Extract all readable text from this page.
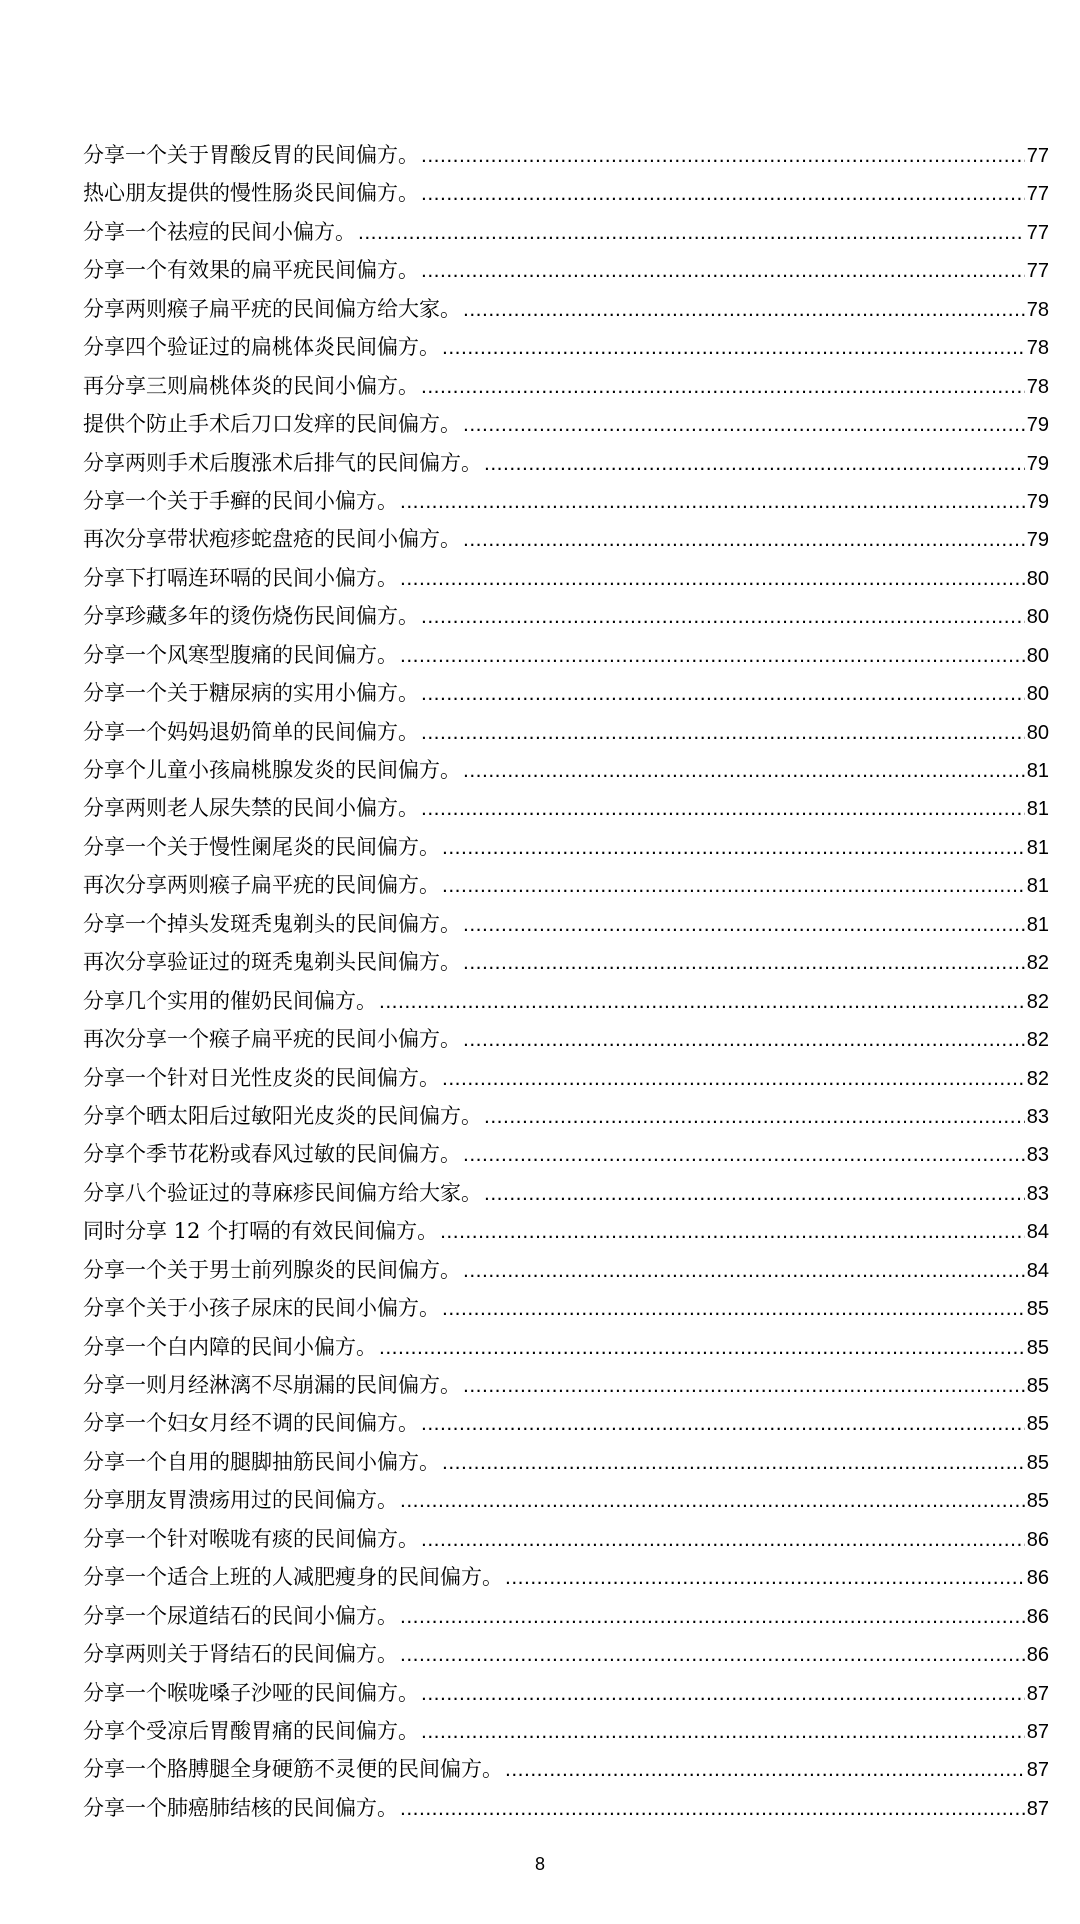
分享一个关于胃酸反胃的民间偏方。 .....	77
热心朋友提供的慢性肠炎民间偏方。 .....	77
分享一个祛痘的民间小偏方。 .....	77
分享一个有效果的扁平疣民间偏方。 .....	77
分享两则瘊子扁平疣的民间偏方给大家。 .....	78
分享四个验证过的扁桃体炎民间偏方。 .....	78
再分享三则扁桃体炎的民间小偏方。 .....	78
提供个防止手术后刀口发痒的民间偏方。 .....	79
分享两则手术后腹涨术后排气的民间偏方。 .....	79
分享一个关于手癣的民间小偏方。 .....	79
再次分享带状疱疹蛇盘疮的民间小偏方。 .....	79
分享下打嗝连环嗝的民间小偏方。 .....	80
分享珍藏多年的烫伤烧伤民间偏方。 .....	80
分享一个风寒型腹痛的民间偏方。 .....	80
分享一个关于糖尿病的实用小偏方。 .....	80
分享一个妈妈退奶简单的民间偏方。 .....	80
分享个儿童小孩扁桃腺发炎的民间偏方。 .....	81
分享两则老人尿失禁的民间小偏方。 .....	81
分享一个关于慢性阑尾炎的民间偏方。 .....	81
再次分享两则瘊子扁平疣的民间偏方。 .....	81
分享一个掉头发斑秃鬼剃头的民间偏方。 .....	81
再次分享验证过的斑秃鬼剃头民间偏方。 .....	82
分享几个实用的催奶民间偏方。 .....	82
再次分享一个瘊子扁平疣的民间小偏方。 .....	82
分享一个针对日光性皮炎的民间偏方。 .....	82
分享个晒太阳后过敏阳光皮炎的民间偏方。 .....	83
分享个季节花粉或春风过敏的民间偏方。 .....	83
分享八个验证过的荨麻疹民间偏方给大家。 .....	83
同时分享 12 个打嗝的有效民间偏方。 .....	84
分享一个关于男士前列腺炎的民间偏方。 .....	84
分享个关于小孩子尿床的民间小偏方。 .....	85
分享一个白内障的民间小偏方。 .....	85
分享一则月经淋漓不尽崩漏的民间偏方。 .....	85
分享一个妇女月经不调的民间偏方。 .....	85
分享一个自用的腿脚抽筋民间小偏方。 .....	85
分享朋友胃溃疡用过的民间偏方。 .....	85
分享一个针对喉咙有痰的民间偏方。 .....	86
分享一个适合上班的人减肥瘦身的民间偏方。 .....	86
分享一个尿道结石的民间小偏方。 .....	86
分享两则关于肾结石的民间偏方。 .....	86
分享一个喉咙嗓子沙哑的民间偏方。 .....	87
分享个受凉后胃酸胃痛的民间偏方。 .....	87
分享一个胳膊腿全身硬筋不灵便的民间偏方。 .....	87
分享一个肺癌肺结核的民间偏方。 .....	87
8
